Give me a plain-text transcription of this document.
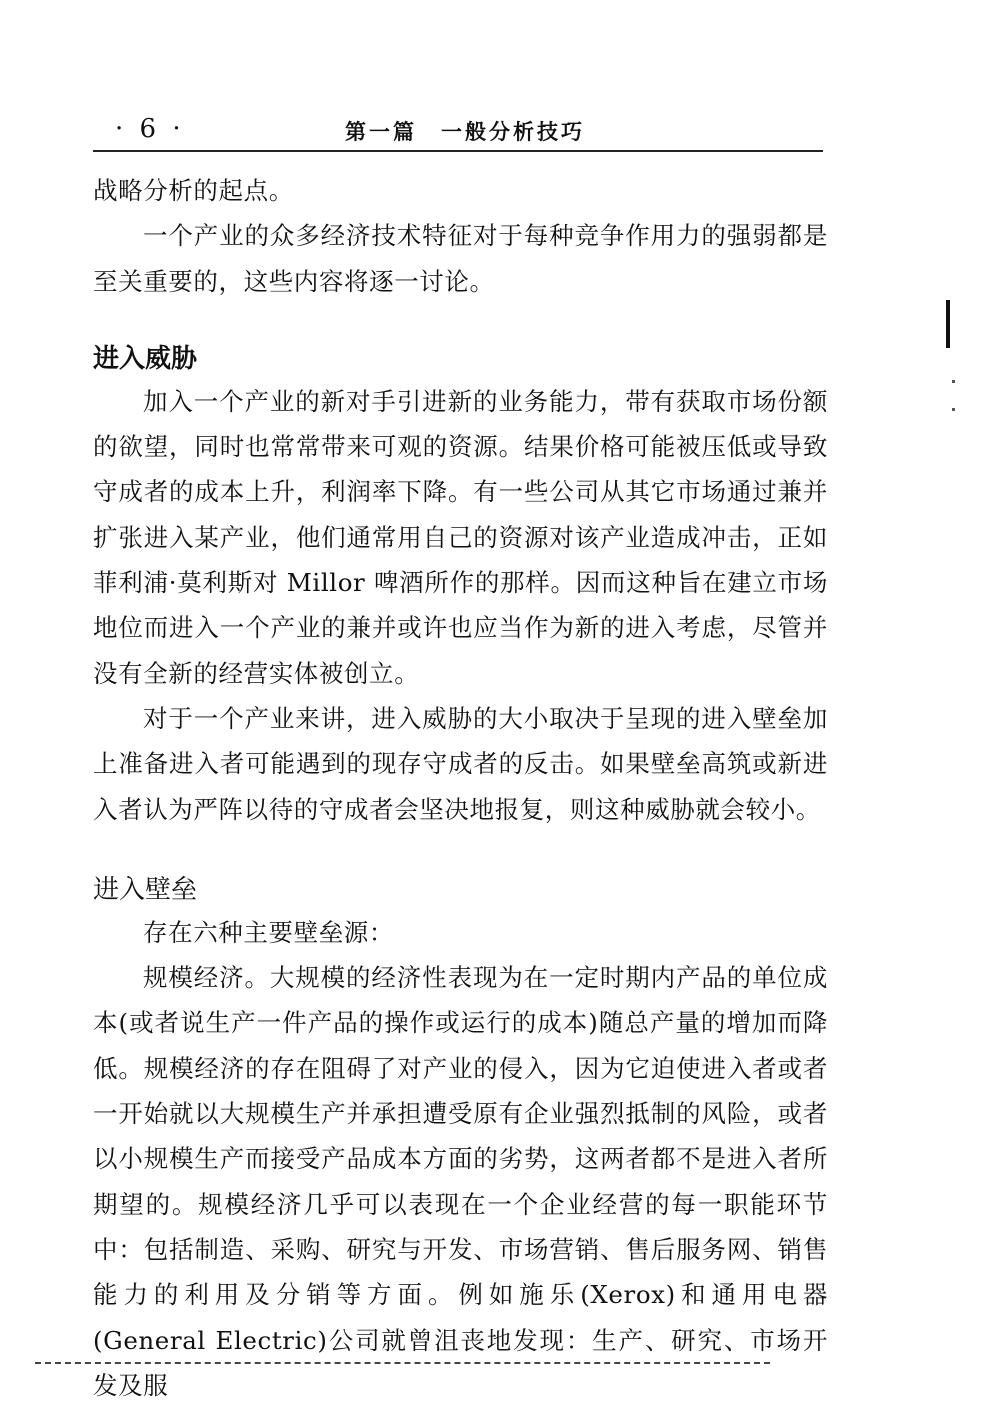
· 6 ·	第一篇　一般分析技巧

战略分析的起点。

一个产业的众多经济技术特征对于每种竞争作用力的强弱都是至关重要的，这些内容将逐一讨论。

进入威胁

加入一个产业的新对手引进新的业务能力，带有获取市场份额的欲望，同时也常常带来可观的资源。结果价格可能被压低或导致守成者的成本上升，利润率下降。有一些公司从其它市场通过兼并扩张进入某产业，他们通常用自己的资源对该产业造成冲击，正如菲利浦·莫利斯对 Millor 啤酒所作的那样。因而这种旨在建立市场地位而进入一个产业的兼并或许也应当作为新的进入考虑，尽管并没有全新的经营实体被创立。

对于一个产业来讲，进入威胁的大小取决于呈现的进入壁垒加上准备进入者可能遇到的现存守成者的反击。如果壁垒高筑或新进入者认为严阵以待的守成者会坚决地报复，则这种威胁就会较小。

进入壁垒

存在六种主要壁垒源：

规模经济。大规模的经济性表现为在一定时期内产品的单位成本(或者说生产一件产品的操作或运行的成本)随总产量的增加而降低。规模经济的存在阻碍了对产业的侵入，因为它迫使进入者或者一开始就以大规模生产并承担遭受原有企业强烈抵制的风险，或者以小规模生产而接受产品成本方面的劣势，这两者都不是进入者所期望的。规模经济几乎可以表现在一个企业经营的每一职能环节中：包括制造、采购、研究与开发、市场营销、售后服务网、销售能力的利用及分销等方面。例如施乐(Xerox)和通用电器(General Electric)公司就曾沮丧地发现：生产、研究、市场开发及服
